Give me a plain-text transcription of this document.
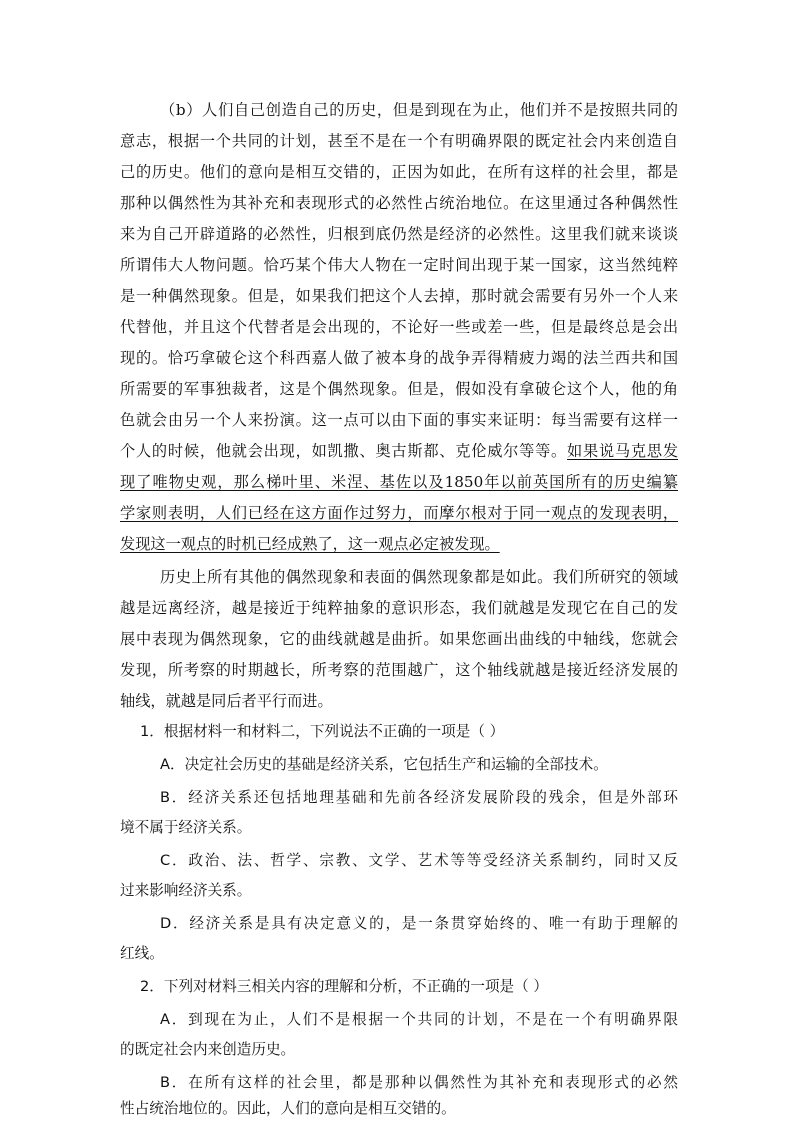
（b）人们自己创造自己的历史，但是到现在为止，他们并不是按照共同的
意志，根据一个共同的计划，甚至不是在一个有明确界限的既定社会内来创造自
己的历史。他们的意向是相互交错的，正因为如此，在所有这样的社会里，都是
那种以偶然性为其补充和表现形式的必然性占统治地位。在这里通过各种偶然性
来为自己开辟道路的必然性，归根到底仍然是经济的必然性。这里我们就来谈谈
所谓伟大人物问题。恰巧某个伟大人物在一定时间出现于某一国家，这当然纯粹
是一种偶然现象。但是，如果我们把这个人去掉，那时就会需要有另外一个人来
代替他，并且这个代替者是会出现的，不论好一些或差一些，但是最终总是会出
现的。恰巧拿破仑这个科西嘉人做了被本身的战争弄得精疲力竭的法兰西共和国
所需要的军事独裁者，这是个偶然现象。但是，假如没有拿破仑这个人，他的角
色就会由另一个人来扮演。这一点可以由下面的事实来证明：每当需要有这样一
个人的时候，他就会出现，如凯撒、奥古斯都、克伦威尔等等。如果说马克思发
现了唯物史观，那么梯叶里、米涅、基佐以及1850年以前英国所有的历史编纂
学家则表明，人们已经在这方面作过努力，而摩尔根对于同一观点的发现表明，
发现这一观点的时机已经成熟了，这一观点必定被发现。
历史上所有其他的偶然现象和表面的偶然现象都是如此。我们所研究的领域
越是远离经济，越是接近于纯粹抽象的意识形态，我们就越是发现它在自己的发
展中表现为偶然现象，它的曲线就越是曲折。如果您画出曲线的中轴线，您就会
发现，所考察的时期越长，所考察的范围越广，这个轴线就越是接近经济发展的
轴线，就越是同后者平行而进。
1．根据材料一和材料二，下列说法不正确的一项是（ ）
A．决定社会历史的基础是经济关系，它包括生产和运输的全部技术。
B．经济关系还包括地理基础和先前各经济发展阶段的残余，但是外部环
境不属于经济关系。
C．政治、法、哲学、宗教、文学、艺术等等受经济关系制约，同时又反
过来影响经济关系。
D．经济关系是具有决定意义的，是一条贯穿始终的、唯一有助于理解的
红线。
2．下列对材料三相关内容的理解和分析，不正确的一项是（ ）
A．到现在为止，人们不是根据一个共同的计划，不是在一个有明确界限
的既定社会内来创造历史。
B．在所有这样的社会里，都是那种以偶然性为其补充和表现形式的必然
性占统治地位的。因此，人们的意向是相互交错的。
